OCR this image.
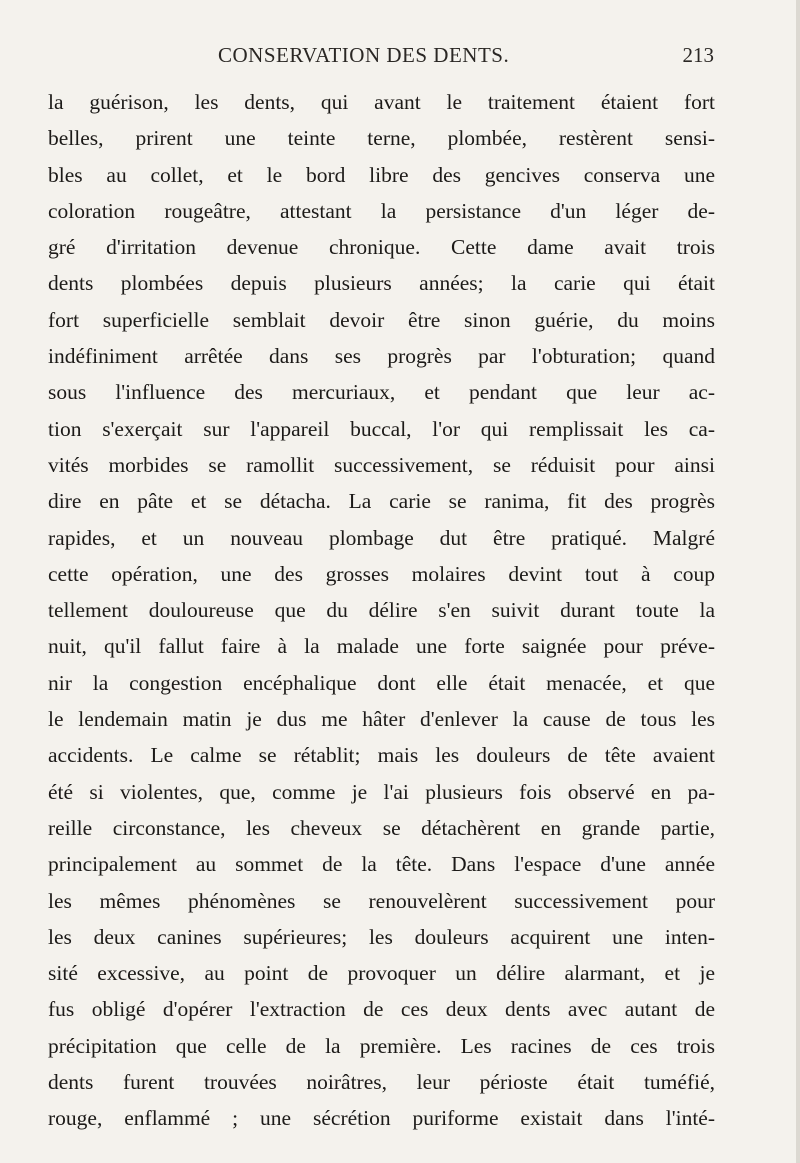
CONSERVATION DES DENTS.	213
la guérison, les dents, qui avant le traitement étaient fort
belles, prirent une teinte terne, plombée, restèrent sensi-
bles au collet, et le bord libre des gencives conserva une
coloration rougeâtre, attestant la persistance d'un léger de-
gré d'irritation devenue chronique. Cette dame avait trois
dents plombées depuis plusieurs années; la carie qui était
fort superficielle semblait devoir être sinon guérie, du moins
indéfiniment arrêtée dans ses progrès par l'obturation; quand
sous l'influence des mercuriaux, et pendant que leur ac-
tion s'exerçait sur l'appareil buccal, l'or qui remplissait les ca-
vités morbides se ramollit successivement, se réduisit pour ainsi
dire en pâte et se détacha. La carie se ranima, fit des progrès
rapides, et un nouveau plombage dut être pratiqué. Malgré
cette opération, une des grosses molaires devint tout à coup
tellement douloureuse que du délire s'en suivit durant toute la
nuit, qu'il fallut faire à la malade une forte saignée pour préve-
nir la congestion encéphalique dont elle était menacée, et que
le lendemain matin je dus me hâter d'enlever la cause de tous les
accidents. Le calme se rétablit; mais les douleurs de tête avaient
été si violentes, que, comme je l'ai plusieurs fois observé en pa-
reille circonstance, les cheveux se détachèrent en grande partie,
principalement au sommet de la tête. Dans l'espace d'une année
les mêmes phénomènes se renouvelèrent successivement pour
les deux canines supérieures; les douleurs acquirent une inten-
sité excessive, au point de provoquer un délire alarmant, et je
fus obligé d'opérer l'extraction de ces deux dents avec autant de
précipitation que celle de la première. Les racines de ces trois
dents furent trouvées noirâtres, leur périoste était tuméfié,
rouge, enflammé ; une sécrétion puriforme existait dans l'inté-
